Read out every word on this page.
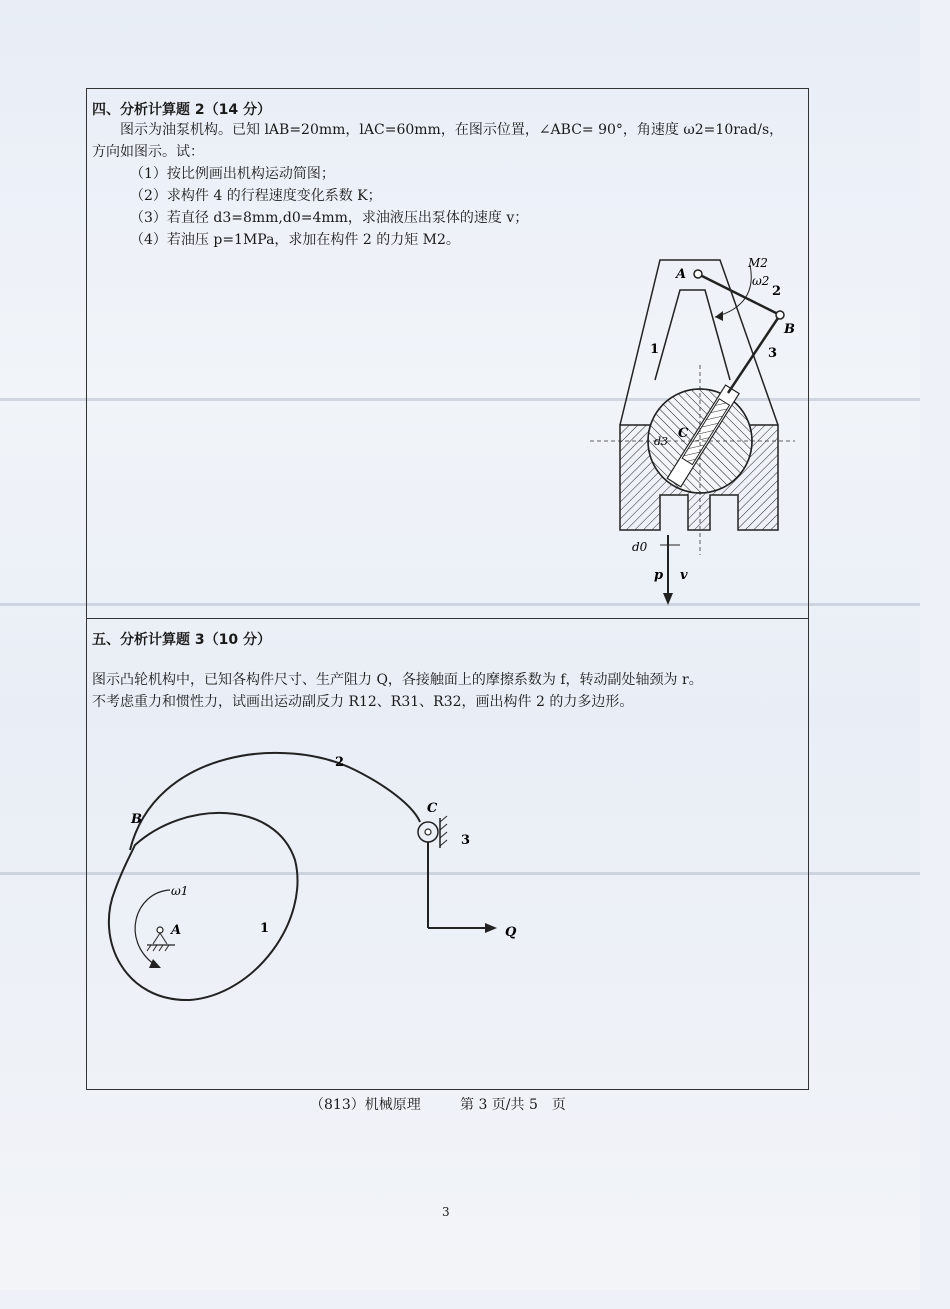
四、分析计算题 2（14 分）
图示为油泵机构。已知 lAB=20mm，lAC=60mm，在图示位置，∠ABC= 90°，角速度 ω2=10rad/s，
方向如图示。试：
（1）按比例画出机构运动简图；
（2）求构件 4 的行程速度变化系数 K；
（3）若直径 d3=8mm,d0=4mm，求油液压出泵体的速度 v；
（4）若油压 p=1MPa，求加在构件 2 的力矩 M2。
A
B
C
M2
ω2
2
1	3
d3
d0
p v
五、分析计算题 3（10 分）
图示凸轮机构中，已知各构件尺寸、生产阻力 Q，各接触面上的摩擦系数为 f，转动副处轴颈为 r。
不考虑重力和惯性力，试画出运动副反力 R12、R31、R32，画出构件 2 的力多边形。
B
2
C
3
ω1
A	1	Q
（813）机械原理	第 3 页/共 5　页
3
